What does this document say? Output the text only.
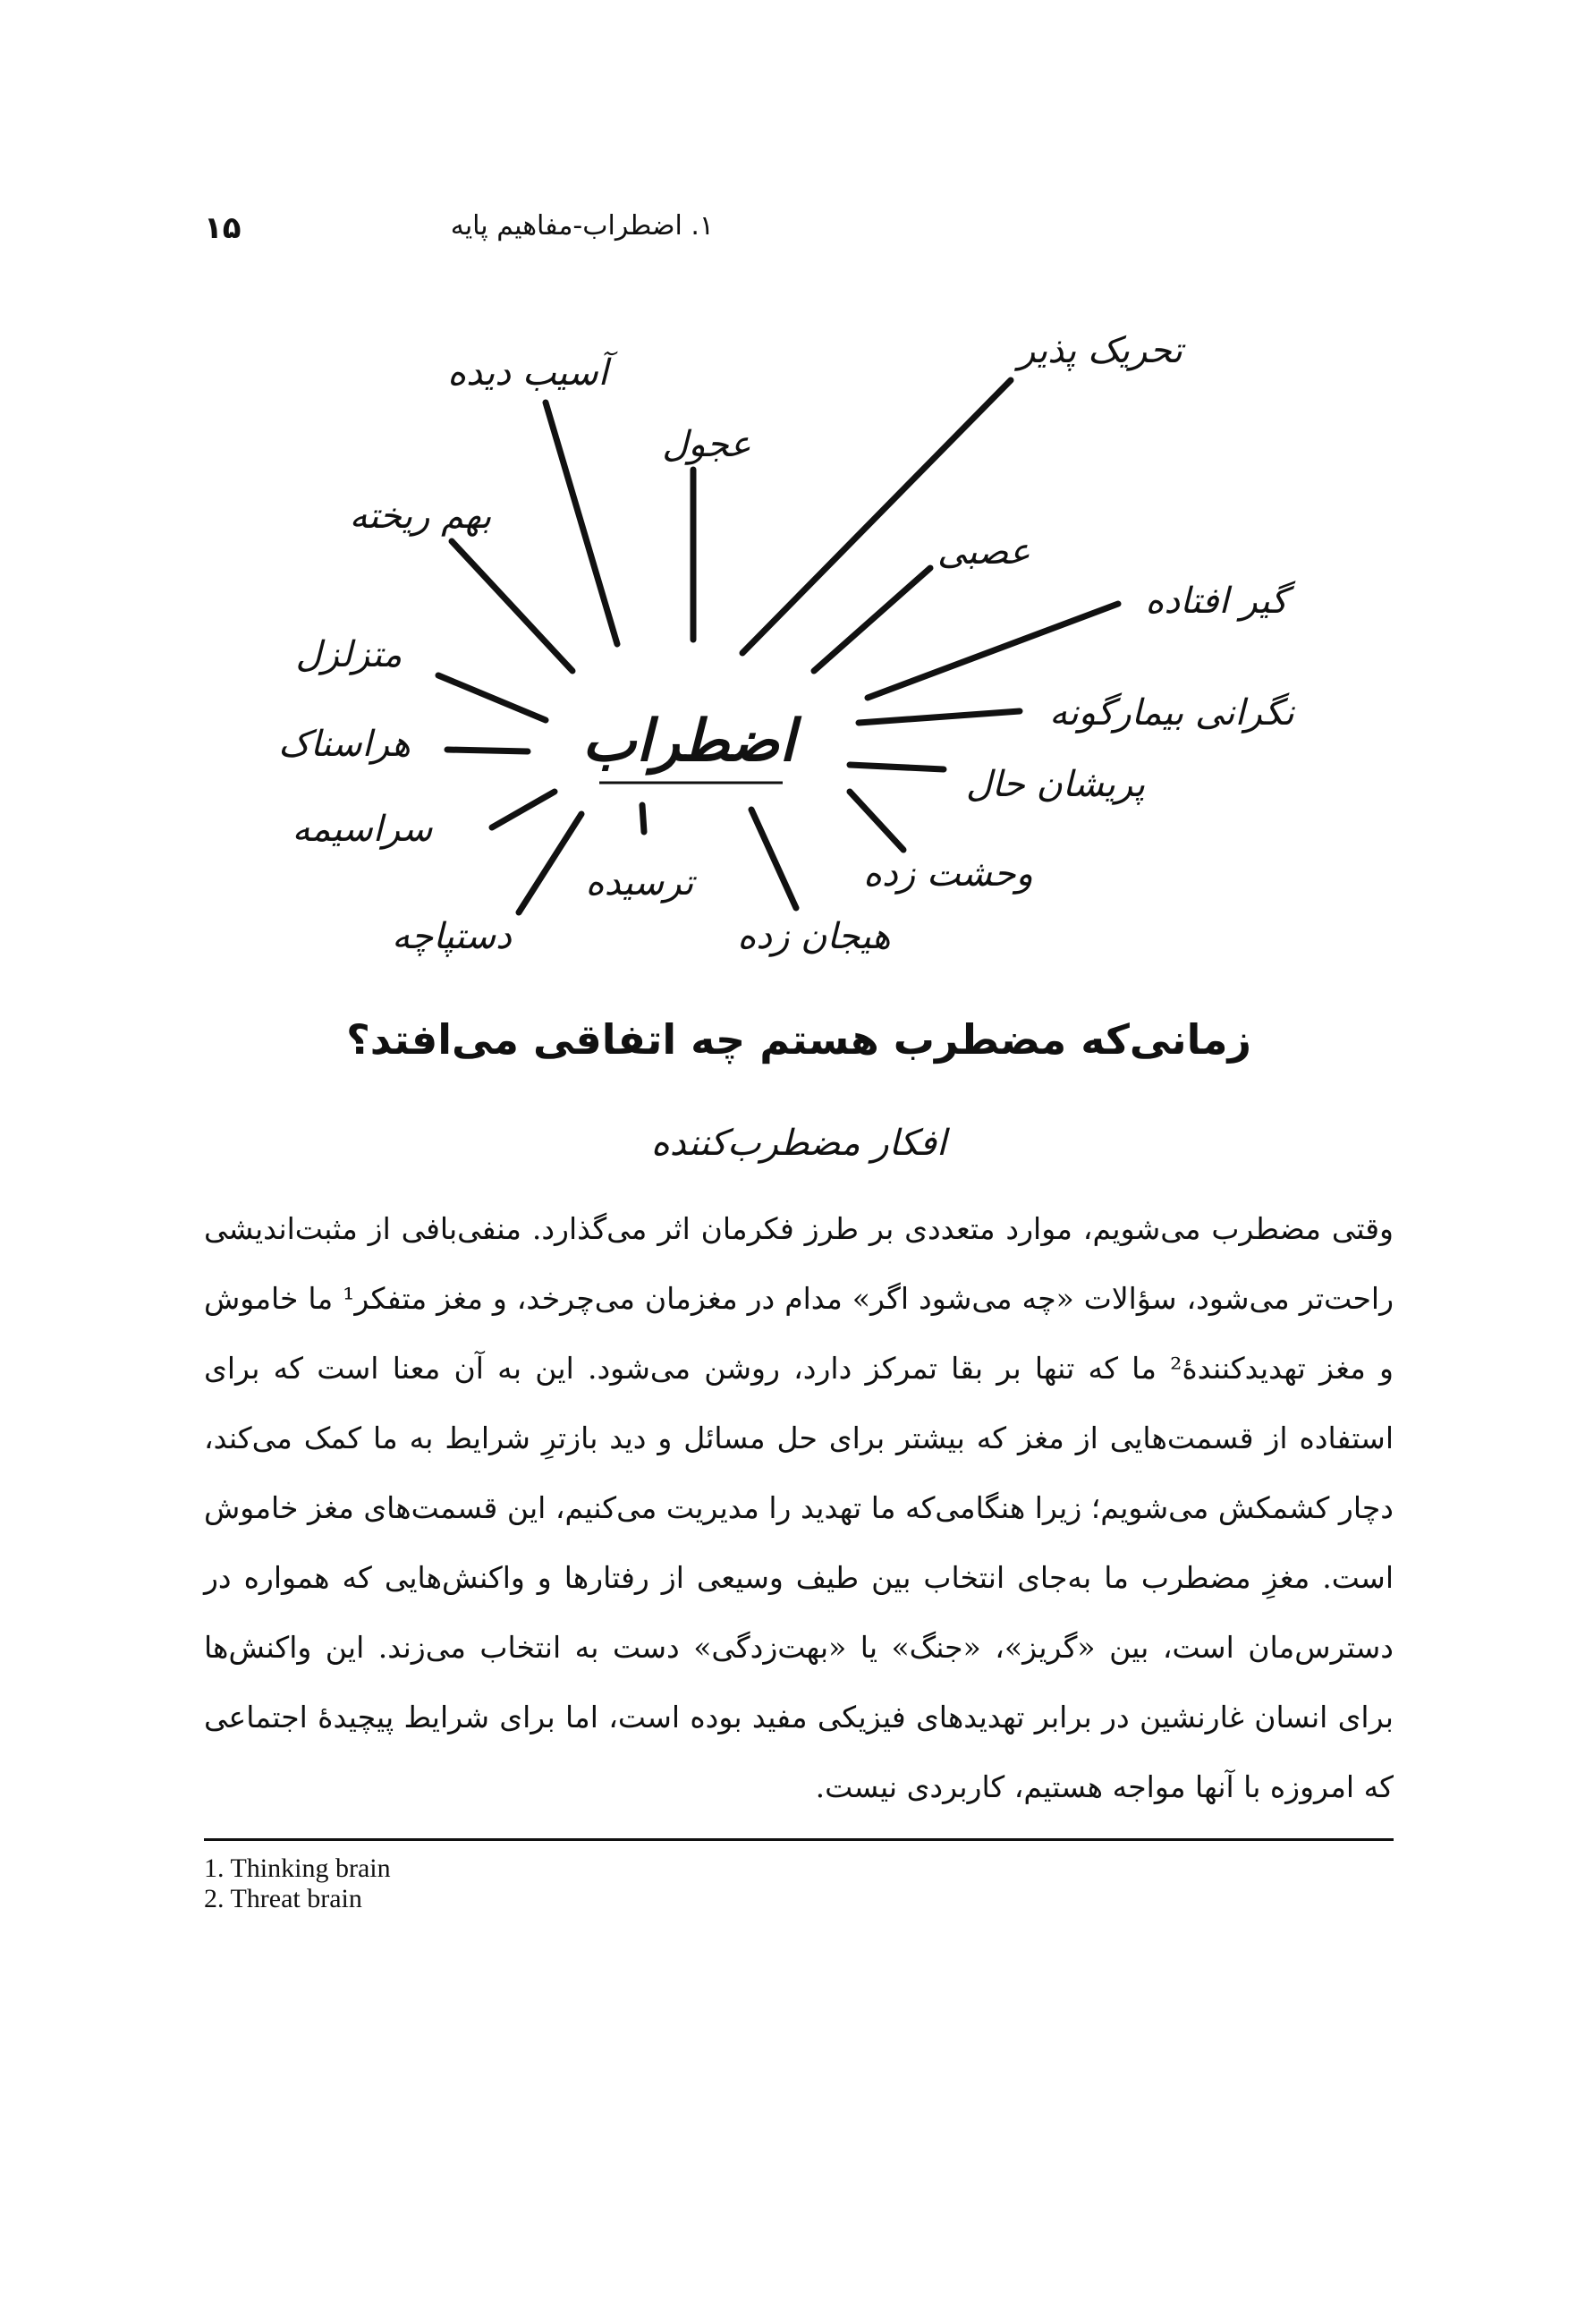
۱۵	۱. اضطراب-مفاهیم پایه
اضطراب
آسیب دیده
بهم ریخته
عجول
تحریک پذیر
عصبی
گیر افتاده
متزلزل
هراسناک
نگرانی بیمارگونه
پریشان حال
سراسیمه
دستپاچه
ترسیده
هیجان زده
وحشت زده
زمانی‌که مضطرب هستم چه اتفاقی می‌افتد؟
افکار مضطرب‌کننده
وقتی مضطرب می‌شویم، موارد متعددی بر طرز فکرمان اثر می‌گذارد. منفی‌بافی از مثبت‌اندیشی راحت‌تر می‌شود، سؤالات «چه می‌شود اگر» مدام در مغزمان می‌چرخد، و مغز متفکر¹ ما خاموش و مغز تهدیدکنندهٔ² ما که تنها بر بقا تمرکز دارد، روشن می‌شود. این به آن معنا است که برای استفاده از قسمت‌هایی از مغز که بیشتر برای حل مسائل و دید بازترِ شرایط به ما کمک می‌کند، دچار کشمکش می‌شویم؛ زیرا هنگامی‌که ما تهدید را مدیریت می‌کنیم، این قسمت‌های مغز خاموش است. مغزِ مضطرب ما به‌جای انتخاب بین طیف وسیعی از رفتارها و واکنش‌هایی که همواره در دسترس‌مان است، بین «گریز»، «جنگ» یا «بهت‌زدگی» دست به انتخاب می‌زند. این واکنش‌ها برای انسان غارنشین در برابر تهدیدهای فیزیکی مفید بوده است، اما برای شرایط پیچیدهٔ اجتماعی که امروزه با آنها مواجه هستیم، کاربردی نیست.
1. Thinking brain
2. Threat brain
